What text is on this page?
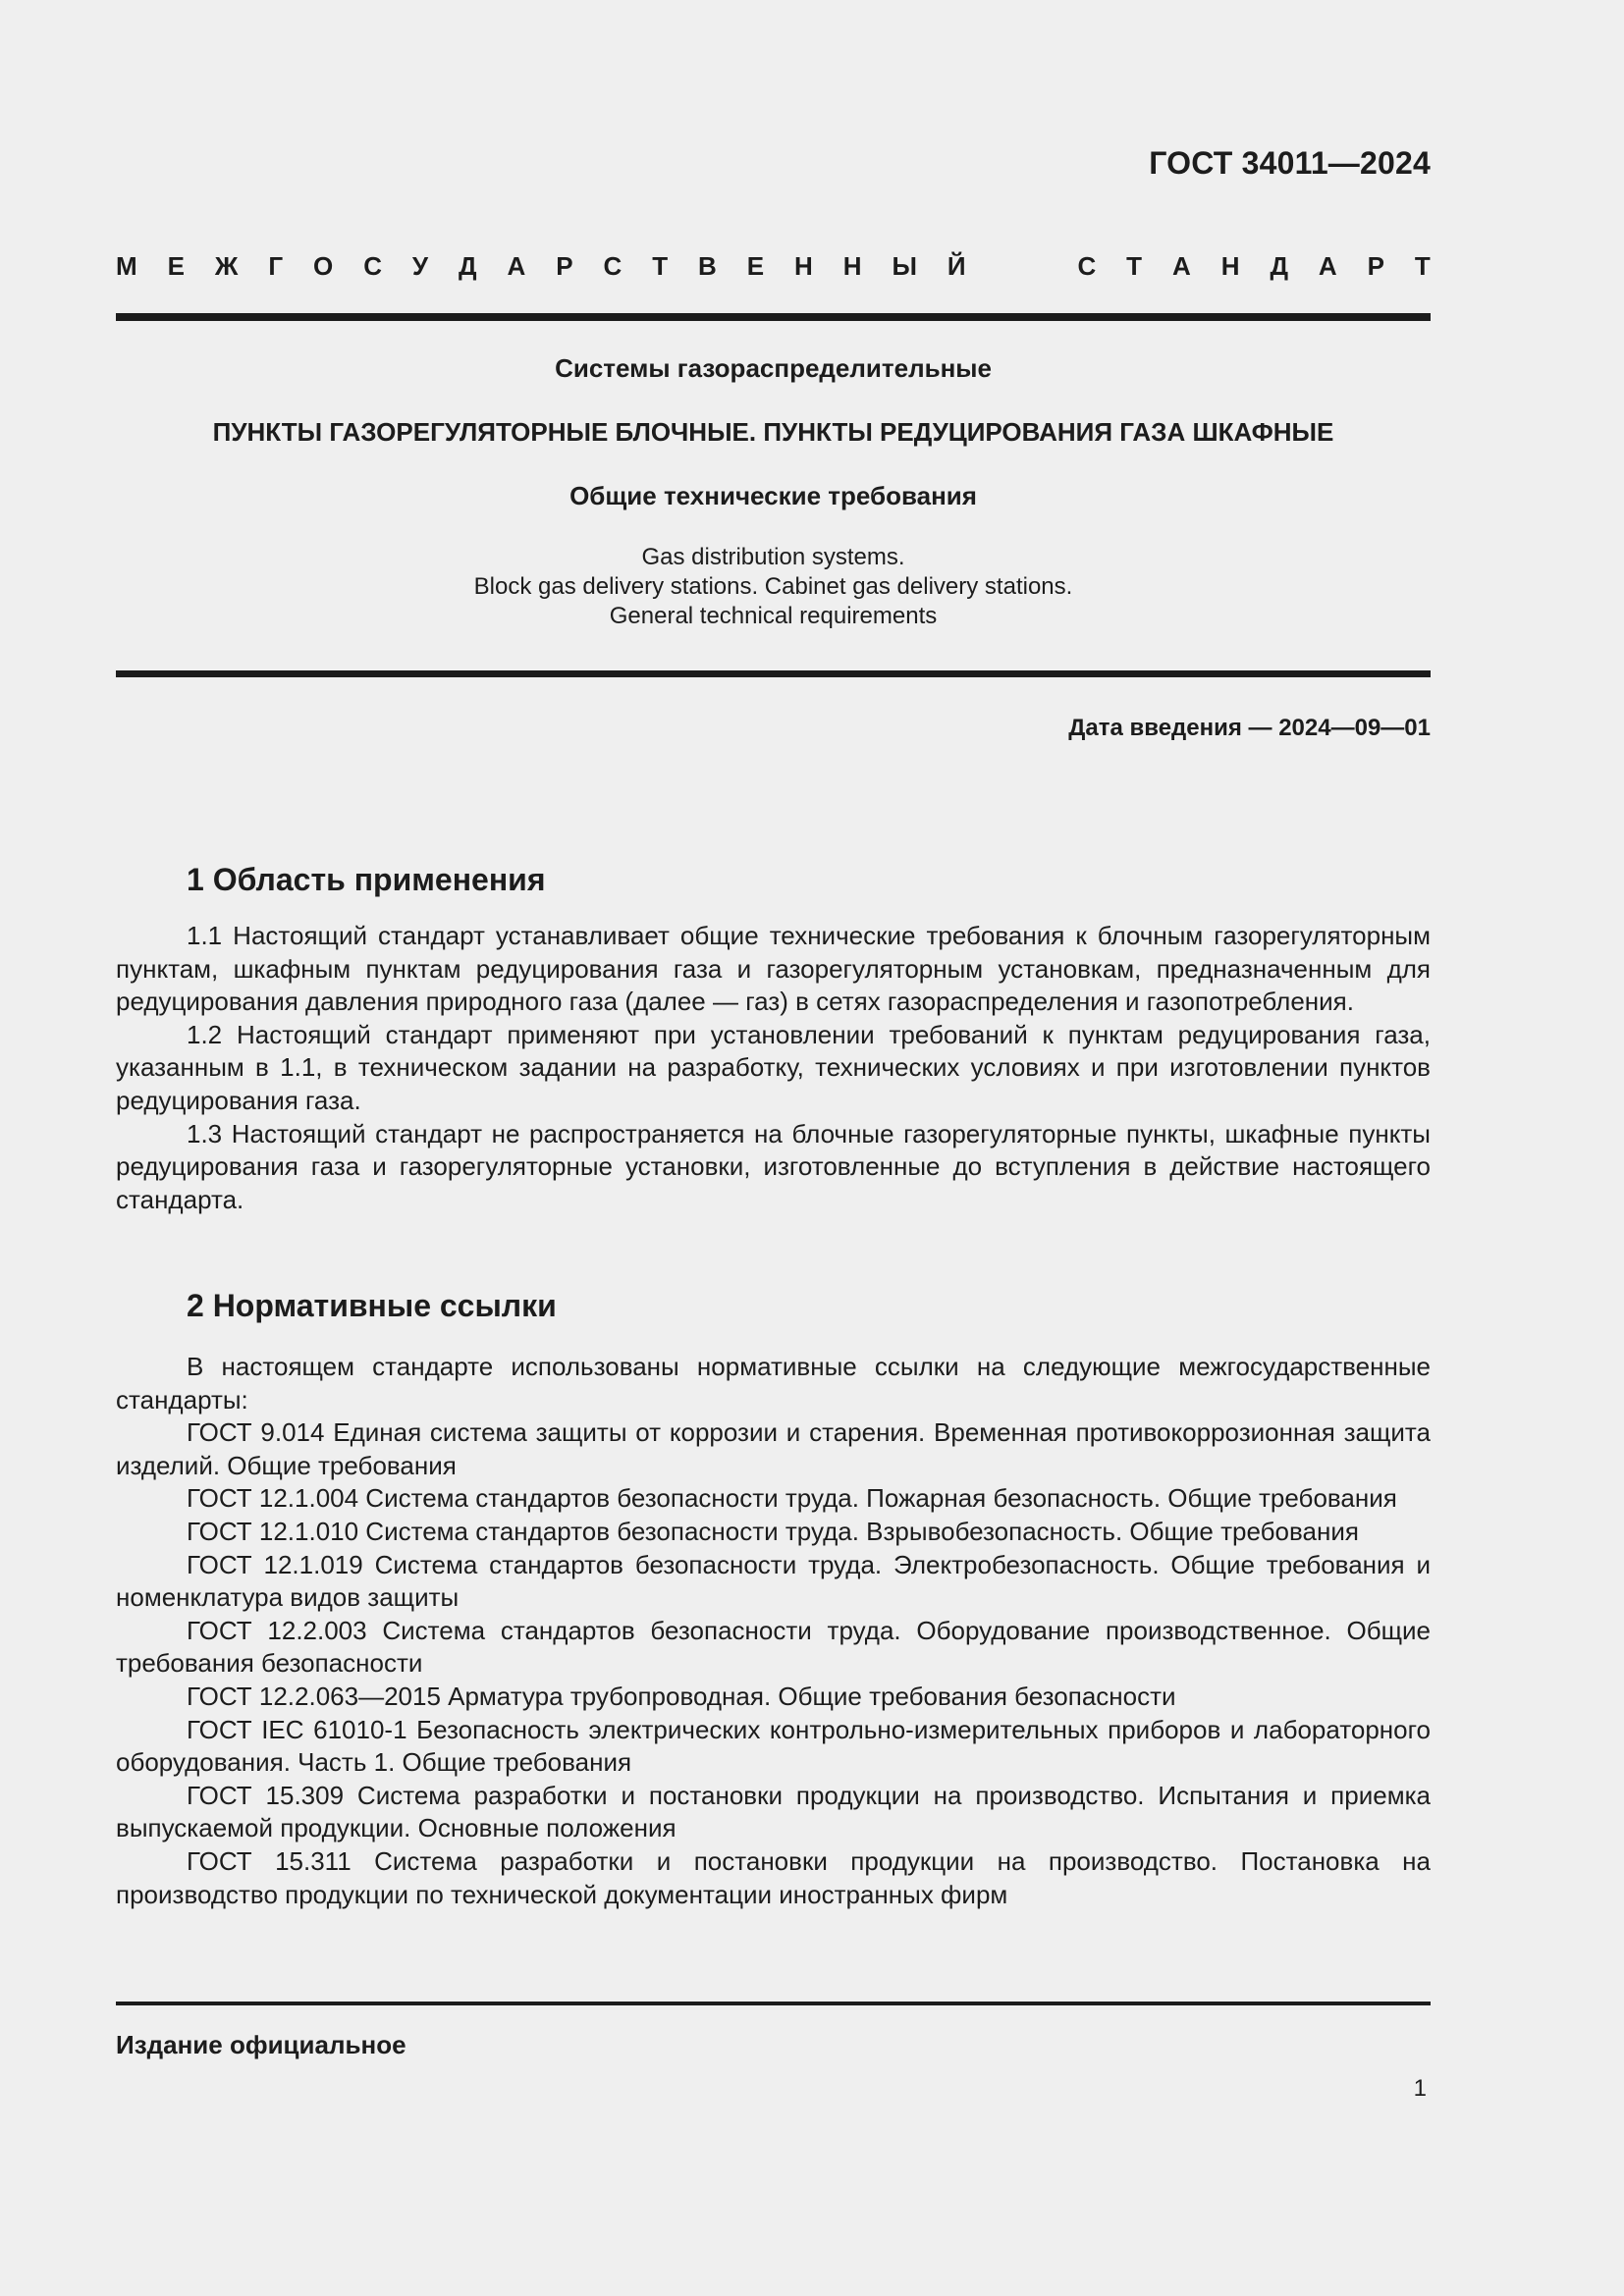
ГОСТ 34011—2024
М Е Ж Г О С У Д А Р С Т В Е Н Н Ы Й	С Т А Н Д А Р Т
Системы газораспределительные
ПУНКТЫ ГАЗОРЕГУЛЯТОРНЫЕ БЛОЧНЫЕ. ПУНКТЫ РЕДУЦИРОВАНИЯ ГАЗА ШКАФНЫЕ
Общие технические требования
Gas distribution systems.
Block gas delivery stations. Cabinet gas delivery stations.
General technical requirements
Дата введения — 2024—09—01
1 Область применения

1.1 Настоящий стандарт устанавливает общие технические требования к блочным газорегуляторным пунктам, шкафным пунктам редуцирования газа и газорегуляторным установкам, предназначенным для редуцирования давления природного газа (далее — газ) в сетях газораспределения и газопотребления.

1.2 Настоящий стандарт применяют при установлении требований к пунктам редуцирования газа, указанным в 1.1, в техническом задании на разработку, технических условиях и при изготовлении пунктов редуцирования газа.

1.3 Настоящий стандарт не распространяется на блочные газорегуляторные пункты, шкафные пункты редуцирования газа и газорегуляторные установки, изготовленные до вступления в действие настоящего стандарта.

2 Нормативные ссылки

В настоящем стандарте использованы нормативные ссылки на следующие межгосударственные стандарты:

ГОСТ 9.014 Единая система защиты от коррозии и старения. Временная противокоррозионная защита изделий. Общие требования

ГОСТ 12.1.004 Система стандартов безопасности труда. Пожарная безопасность. Общие требования

ГОСТ 12.1.010 Система стандартов безопасности труда. Взрывобезопасность. Общие требования

ГОСТ 12.1.019 Система стандартов безопасности труда. Электробезопасность. Общие требования и номенклатура видов защиты

ГОСТ 12.2.003 Система стандартов безопасности труда. Оборудование производственное. Общие требования безопасности

ГОСТ 12.2.063—2015 Арматура трубопроводная. Общие требования безопасности

ГОСТ IEC 61010-1 Безопасность электрических контрольно-измерительных приборов и лабораторного оборудования. Часть 1. Общие требования

ГОСТ 15.309 Система разработки и постановки продукции на производство. Испытания и приемка выпускаемой продукции. Основные положения

ГОСТ 15.311 Система разработки и постановки продукции на производство. Постановка на производство продукции по технической документации иностранных фирм

Издание официальное
1
